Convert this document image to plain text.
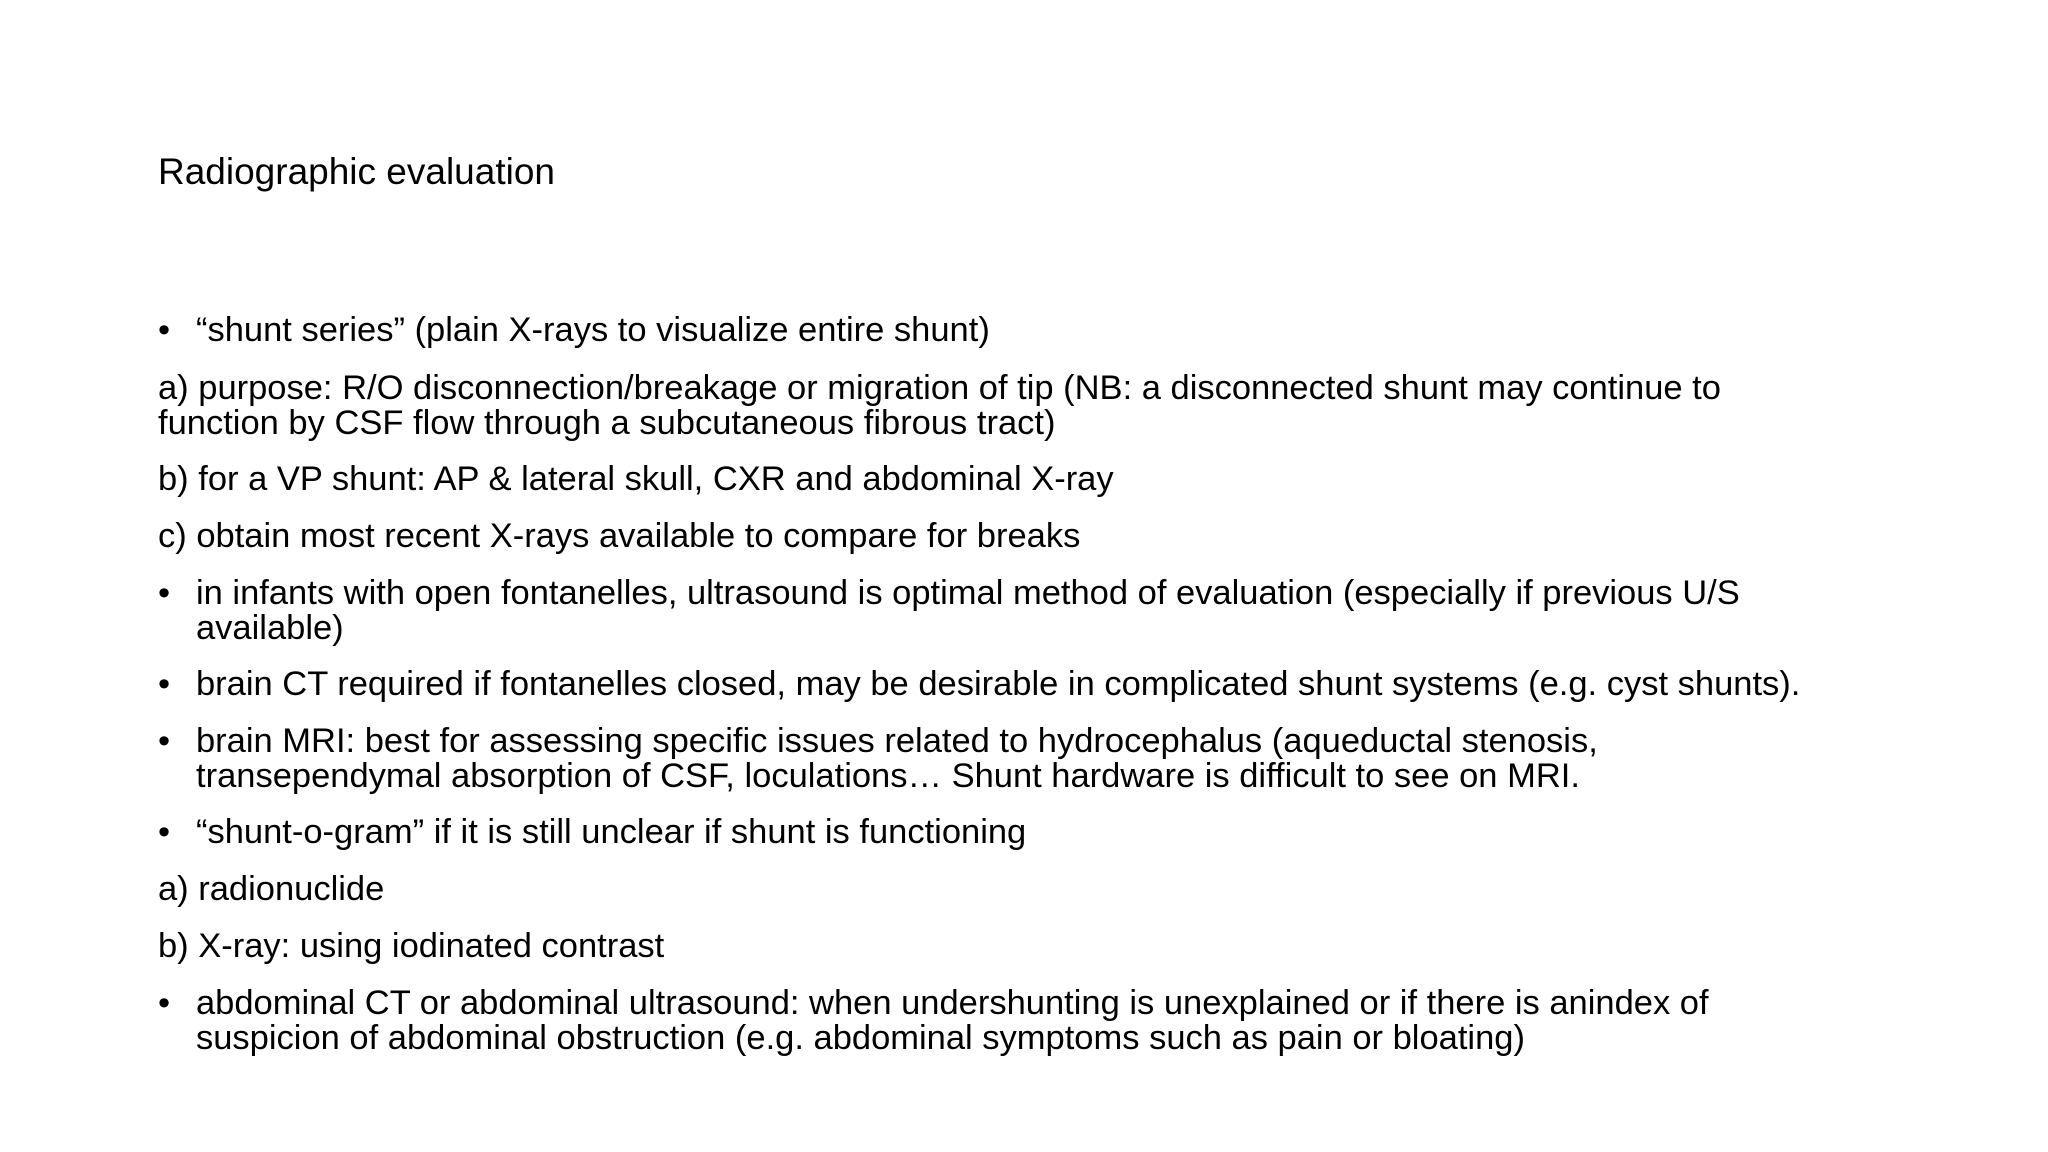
Radiographic evaluation
• “shunt series” (plain X-rays to visualize entire shunt)
a) purpose: R/O disconnection/breakage or migration of tip (NB: a disconnected shunt may continue to
function by CSF flow through a subcutaneous fibrous tract)
b) for a VP shunt: AP & lateral skull, CXR and abdominal X-ray
c) obtain most recent X-rays available to compare for breaks
• in infants with open fontanelles, ultrasound is optimal method of evaluation (especially if previous U/S
available)
• brain CT required if fontanelles closed, may be desirable in complicated shunt systems (e.g. cyst shunts).
• brain MRI: best for assessing specific issues related to hydrocephalus (aqueductal stenosis,
transependymal absorption of CSF, loculations… Shunt hardware is difficult to see on MRI.
• “shunt-o-gram” if it is still unclear if shunt is functioning
a) radionuclide
b) X-ray: using iodinated contrast
• abdominal CT or abdominal ultrasound: when undershunting is unexplained or if there is anindex of
suspicion of abdominal obstruction (e.g. abdominal symptoms such as pain or bloating)
